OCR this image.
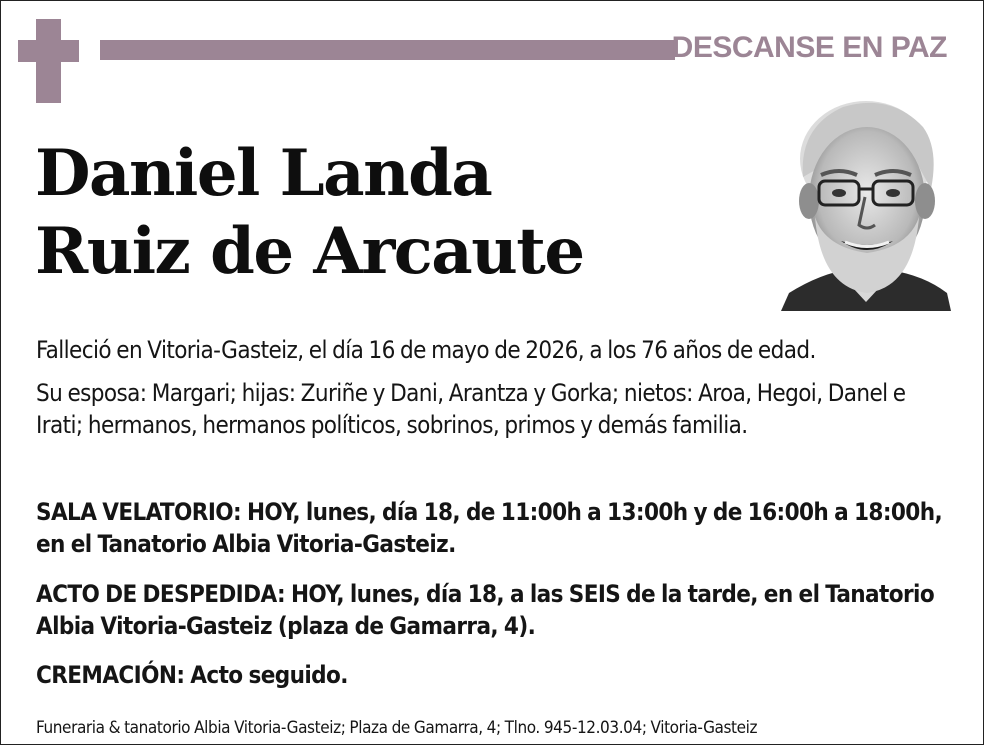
DESCANSE EN PAZ
Daniel Landa
Ruiz de Arcaute
Falleció en Vitoria-Gasteiz, el día 16 de mayo de 2026, a los 76 años de edad.
Su esposa: Margari; hijas: Zuriñe y Dani, Arantza y Gorka; nietos: Aroa, Hegoi, Danel e Irati; hermanos, hermanos políticos, sobrinos, primos y demás familia.
SALA VELATORIO: HOY, lunes, día 18, de 11:00h a 13:00h y de 16:00h a 18:00h, en el Tanatorio Albia Vitoria-Gasteiz.
ACTO DE DESPEDIDA: HOY, lunes, día 18, a las SEIS de la tarde, en el Tanatorio Albia Vitoria-Gasteiz (plaza de Gamarra, 4).
CREMACIÓN: Acto seguido.
Funeraria & tanatorio Albia Vitoria-Gasteiz; Plaza de Gamarra, 4; Tlno. 945-12.03.04; Vitoria-Gasteiz
